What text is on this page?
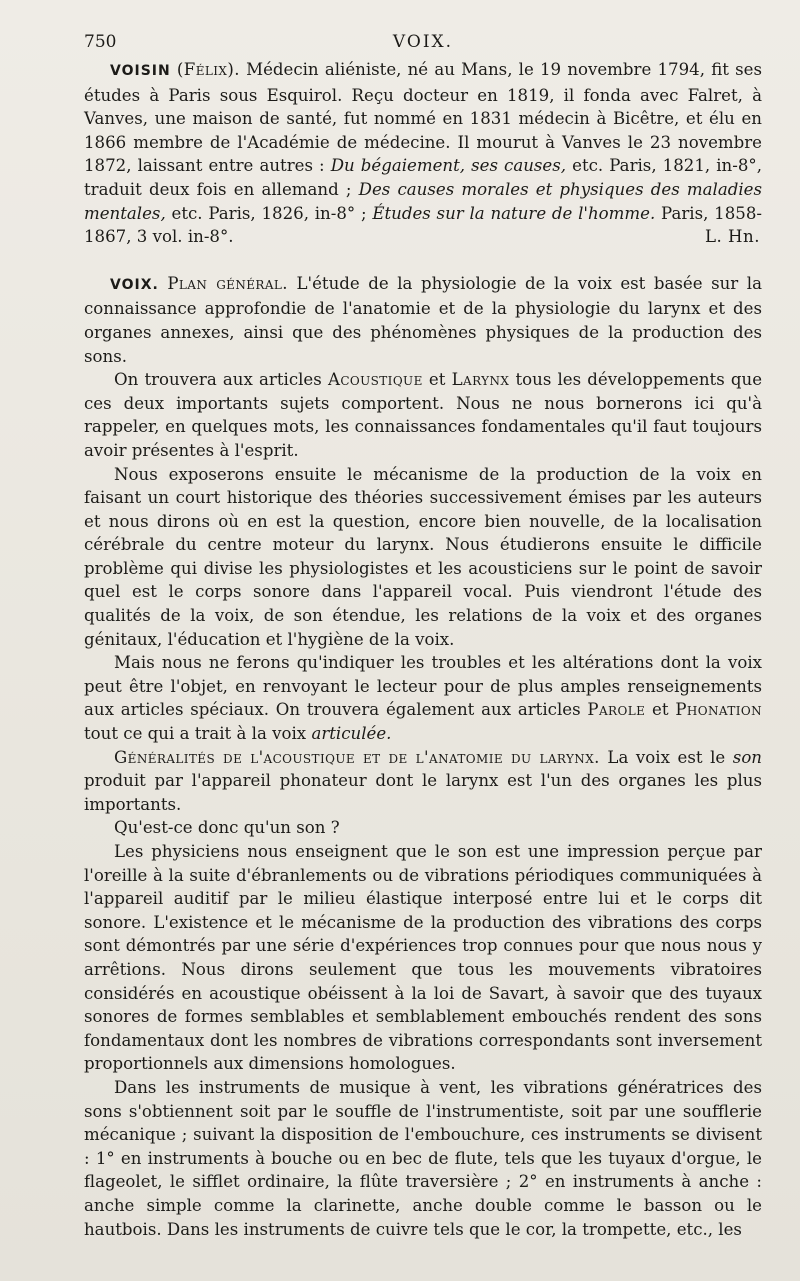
750	VOIX.

VOISIN (Félix). Médecin aliéniste, né au Mans, le 19 novembre 1794, fit ses études à Paris sous Esquirol. Reçu docteur en 1819, il fonda avec Falret, à Vanves, une maison de santé, fut nommé en 1831 médecin à Bicêtre, et élu en 1866 membre de l'Académie de médecine. Il mourut à Vanves le 23 novembre 1872, laissant entre autres : Du bégaiement, ses causes, etc. Paris, 1821, in-8°, traduit deux fois en allemand ; Des causes morales et physiques des maladies mentales, etc. Paris, 1826, in-8° ; Études sur la nature de l'homme. Paris, 1858-1867, 3 vol. in-8°.	L. Hn.

VOIX. Plan général. L'étude de la physiologie de la voix est basée sur la connaissance approfondie de l'anatomie et de la physiologie du larynx et des organes annexes, ainsi que des phénomènes physiques de la production des sons.

On trouvera aux articles Acoustique et Larynx tous les développements que ces deux importants sujets comportent. Nous ne nous bornerons ici qu'à rappeler, en quelques mots, les connaissances fondamentales qu'il faut toujours avoir présentes à l'esprit.

Nous exposerons ensuite le mécanisme de la production de la voix en faisant un court historique des théories successivement émises par les auteurs et nous dirons où en est la question, encore bien nouvelle, de la localisation cérébrale du centre moteur du larynx. Nous étudierons ensuite le difficile problème qui divise les physiologistes et les acousticiens sur le point de savoir quel est le corps sonore dans l'appareil vocal. Puis viendront l'étude des qualités de la voix, de son étendue, les relations de la voix et des organes génitaux, l'éducation et l'hygiène de la voix.

Mais nous ne ferons qu'indiquer les troubles et les altérations dont la voix peut être l'objet, en renvoyant le lecteur pour de plus amples renseignements aux articles spéciaux. On trouvera également aux articles Parole et Phonation tout ce qui a trait à la voix articulée.

Généralités de l'acoustique et de l'anatomie du larynx. La voix est le son produit par l'appareil phonateur dont le larynx est l'un des organes les plus importants.

Qu'est-ce donc qu'un son ?

Les physiciens nous enseignent que le son est une impression perçue par l'oreille à la suite d'ébranlements ou de vibrations périodiques communiquées à l'appareil auditif par le milieu élastique interposé entre lui et le corps dit sonore. L'existence et le mécanisme de la production des vibrations des corps sont démontrés par une série d'expériences trop connues pour que nous nous y arrêtions. Nous dirons seulement que tous les mouvements vibratoires considérés en acoustique obéissent à la loi de Savart, à savoir que des tuyaux sonores de formes semblables et semblablement embouchés rendent des sons fondamentaux dont les nombres de vibrations correspondants sont inversement proportionnels aux dimensions homologues.

Dans les instruments de musique à vent, les vibrations génératrices des sons s'obtiennent soit par le souffle de l'instrumentiste, soit par une soufflerie mécanique ; suivant la disposition de l'embouchure, ces instruments se divisent : 1° en instruments à bouche ou en bec de flute, tels que les tuyaux d'orgue, le flageolet, le sifflet ordinaire, la flûte traversière ; 2° en instruments à anche : anche simple comme la clarinette, anche double comme le basson ou le hautbois. Dans les instruments de cuivre tels que le cor, la trompette, etc., les
